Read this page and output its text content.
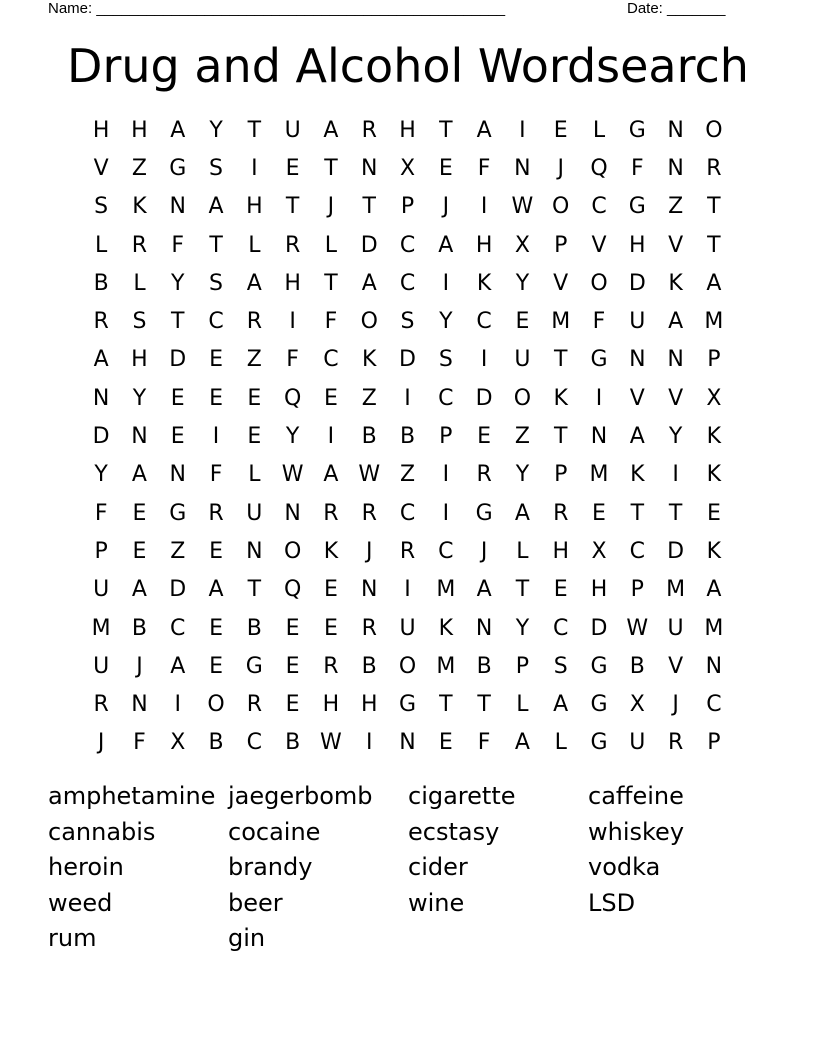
Name: _________________________________________________	Date: _______
Drug and Alcohol Wordsearch
H H	A	Y	T	U	A	R	H	T	A	I	E	L	G N O
V	Z	G	S	I	E	T	N	X	E	F	N	J	Q	F	N	R
S	K	N	A	H	T	J	T	P	J	I	W O C	G	Z	T
L	R	F	T	L	R	L	D	C	A	H	X	P	V	H	V	T
B	L	Y	S	A	H	T	A	C	I	K	Y	V	O D	K	A
R	S	T	C	R	I	F	O	S	Y	C	E M	F	U	A M
A	H D	E	Z	F	C	K	D	S	I	U	T	G N N	P
N	Y	E	E	E	Q	E	Z	I	C	D O	K	I	V	V	X
D N	E	I	E	Y	I	B	B	P	E	Z	T	N	A	Y	K
Y	A	N	F	L W A W Z	I	R	Y	P	M K	I	K
F	E	G	R	U	N	R	R	C	I	G	A	R	E	T	T	E
P	E	Z	E	N O	K	J	R	C	J	L	H	X	C	D	K
U	A	D	A	T	Q	E	N	I	M A	T	E	H	P	M A
M B	C	E	B	E	E	R	U	K	N	Y	C	D W U M
U	J	A	E	G	E	R	B	O M B	P	S	G	B	V	N
R	N	I	O R	E	H H G	T	T	L	A	G	X	J	C
J	F	X	B	C	B W	I	N	E	F	A	L	G U	R	P
amphetamine jaegerbomb	cigarette	caffeine
cannabis	cocaine	ecstasy	whiskey
heroin	brandy	cider	vodka
weed	beer	wine	LSD
rum	gin
